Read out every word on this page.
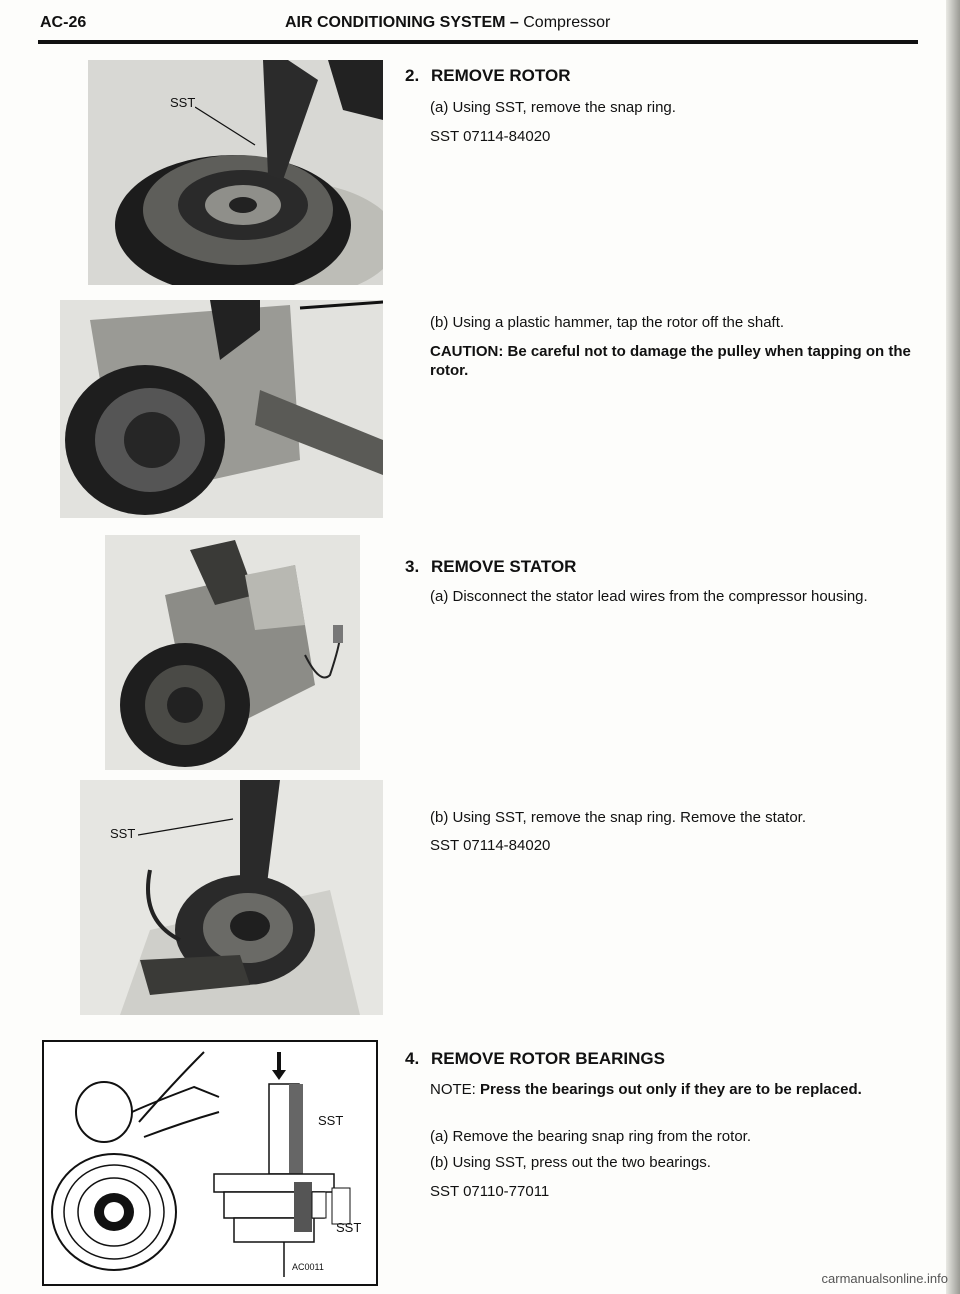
AC-26	AIR CONDITIONING SYSTEM – Compressor
SST
SST
SST
SST
AC0011
2. REMOVE ROTOR
(a) Using SST, remove the snap ring.
SST 07114-84020
(b) Using a plastic hammer, tap the rotor off the shaft.
CAUTION: Be careful not to damage the pulley when tapping on the rotor.
3. REMOVE STATOR
(a) Disconnect the stator lead wires from the compressor housing.
(b) Using SST, remove the snap ring. Remove the stator.
SST 07114-84020
4. REMOVE ROTOR BEARINGS
NOTE: Press the bearings out only if they are to be replaced.
(a) Remove the bearing snap ring from the rotor.
(b) Using SST, press out the two bearings.
SST 07110-77011
carmanualsonline.info
